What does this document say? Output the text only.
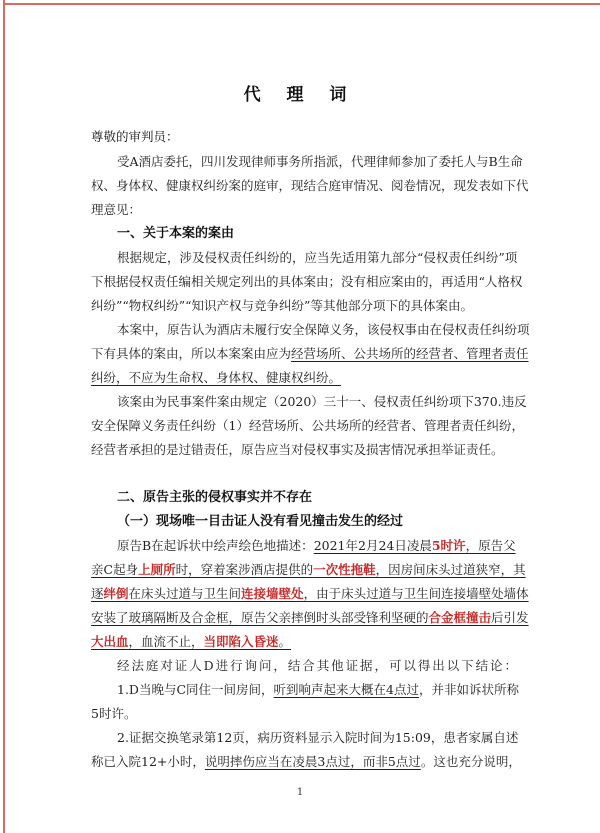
代 理 词
尊敬的审判员：
受A酒店委托，四川发现律师事务所指派，代理律师参加了委托人与B生命
权、身体权、健康权纠纷案的庭审，现结合庭审情况、阅卷情况，现发表如下代
理意见：
一、关于本案的案由
根据规定，涉及侵权责任纠纷的，应当先适用第九部分“侵权责任纠纷”项
下根据侵权责任编相关规定列出的具体案由；没有相应案由的，再适用“人格权
纠纷”“物权纠纷”“知识产权与竞争纠纷”等其他部分项下的具体案由。
本案中，原告认为酒店未履行安全保障义务，该侵权事由在侵权责任纠纷项
下有具体的案由，所以本案案由应为经营场所、公共场所的经营者、管理者责任
纠纷，不应为生命权、身体权、健康权纠纷。
该案由为民事案件案由规定（2020）三十一、侵权责任纠纷项下370.违反
安全保障义务责任纠纷（1）经营场所、公共场所的经营者、管理者责任纠纷，
经营者承担的是过错责任，原告应当对侵权事实及损害情况承担举证责任。
二、原告主张的侵权事实并不存在
（一）现场唯一目击证人没有看见撞击发生的经过
原告B在起诉状中绘声绘色地描述：2021年2月24日凌晨5时许，原告父
亲C起身上厕所时，穿着案涉酒店提供的一次性拖鞋，因房间床头过道狭窄，其
逐绊倒在床头过道与卫生间连接墙壁处，由于床头过道与卫生间连接墙壁处墙体
安装了玻璃隔断及合金框，原告父亲摔倒时头部受锋利坚硬的合金框撞击后引发
大出血，血流不止，当即陷入昏迷。
经法庭对证人D进行询问，结合其他证据，可以得出以下结论：
1.D当晚与C同住一间房间，听到响声起来大概在4点过，并非如诉状所称
5时许。
2.证据交换笔录第12页，病历资料显示入院时间为15:09，患者家属自述
称已入院12+小时，说明摔伤应当在凌晨3点过，而非5点过。这也充分说明，
1
